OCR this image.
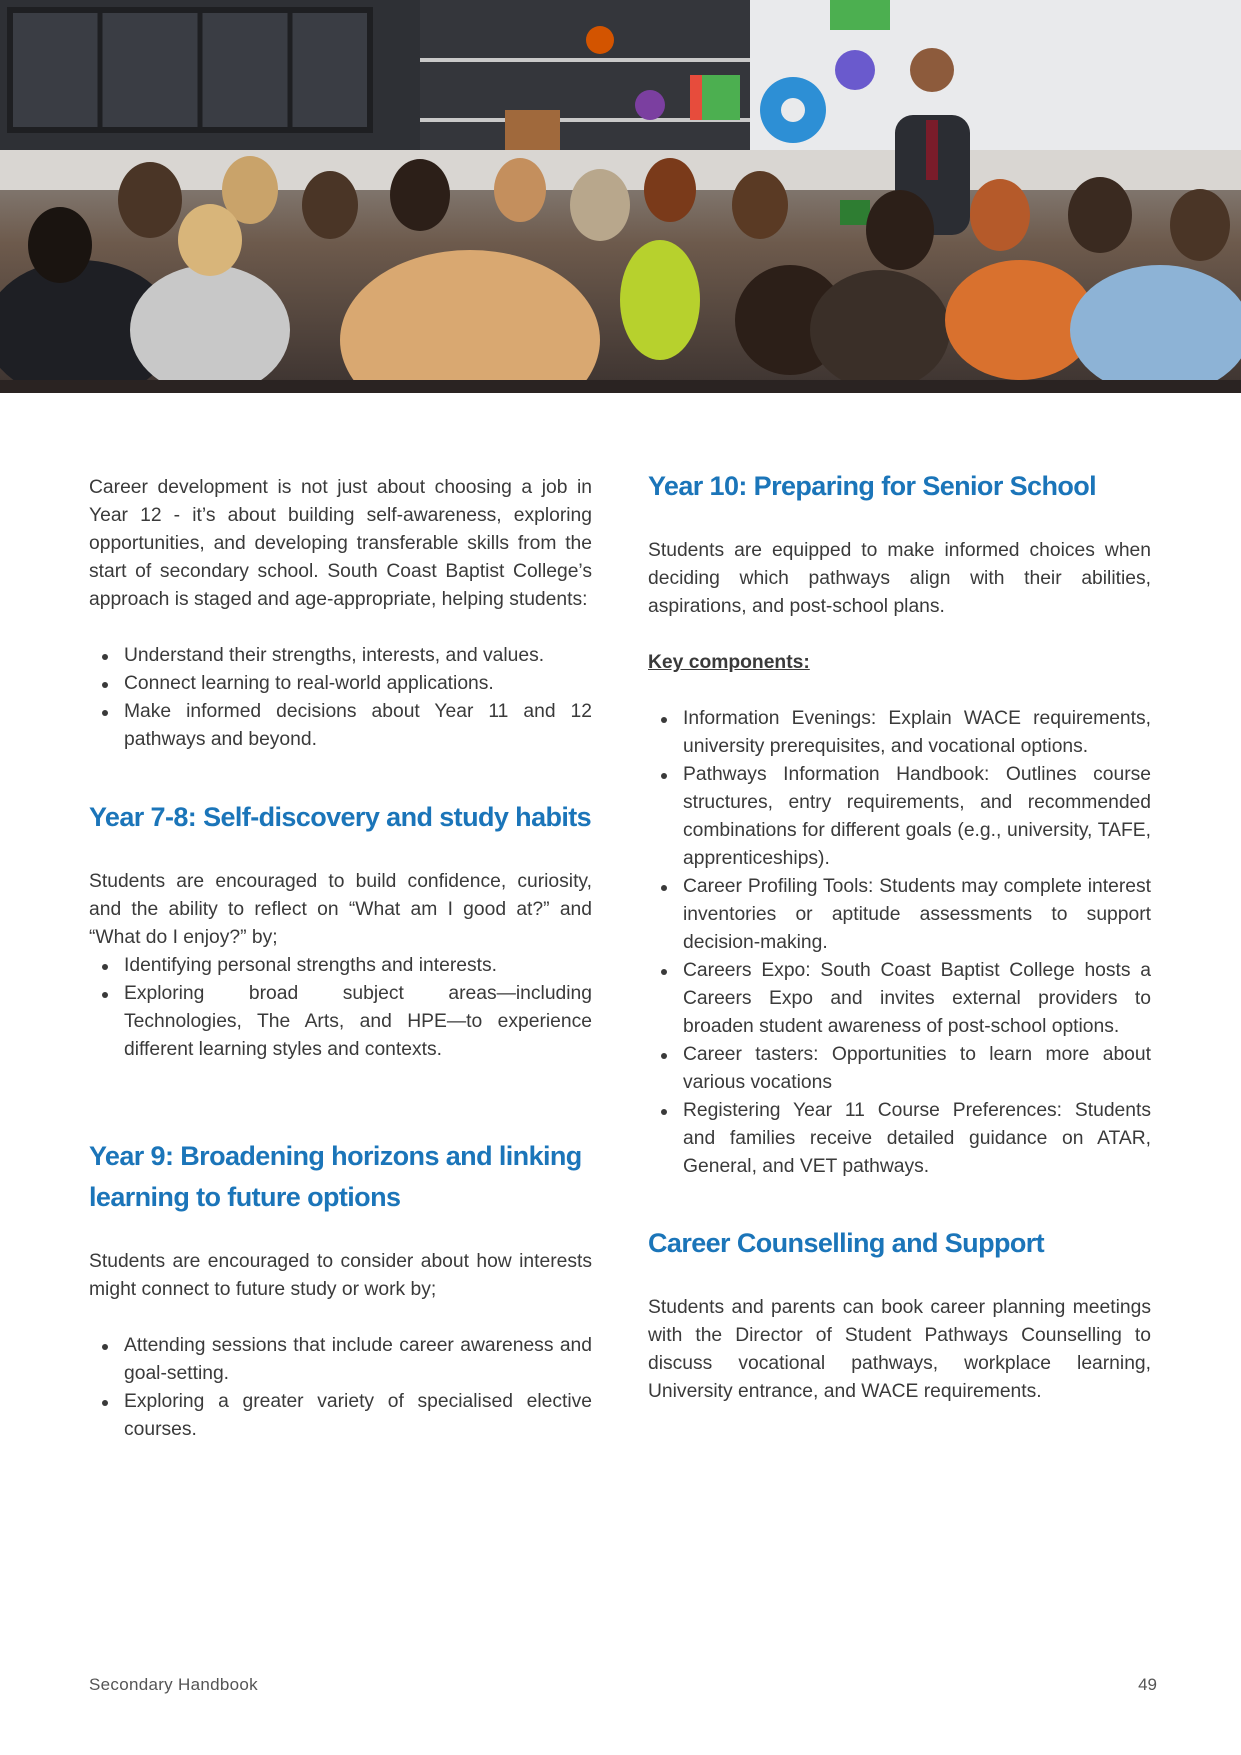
Career development is not just about choosing a job in Year 12 - it’s about building self-awareness, exploring opportunities, and developing transferable skills from the start of secondary school. South Coast Baptist College’s approach is staged and age-appropriate, helping students:

Understand their strengths, interests, and values.
Connect learning to real-world applications.
Make informed decisions about Year 11 and 12 pathways and beyond.
Year 7-8: Self-discovery and study habits

Students are encouraged to build confidence, curiosity, and the ability to reflect on “What am I good at?” and “What do I enjoy?” by;

Identifying personal strengths and interests.
Exploring broad subject areas—including Technologies, The Arts, and HPE—to experience different learning styles and contexts.
Year 9: Broadening horizons and linking learning to future options

Students are encouraged to consider about how interests might connect to future study or work by;

Attending sessions that include career awareness and goal-setting.
Exploring a greater variety of specialised elective courses.
Year 10: Preparing for Senior School

Students are equipped to make informed choices when deciding which pathways align with their abilities, aspirations, and post-school plans.

Key components:

Information Evenings: Explain WACE requirements, university prerequisites, and vocational options.
Pathways Information Handbook: Outlines course structures, entry requirements, and recommended combinations for different goals (e.g., university, TAFE, apprenticeships).
Career Profiling Tools: Students may complete interest inventories or aptitude assessments to support decision-making.
Careers Expo: South Coast Baptist College hosts a Careers Expo and invites external providers to broaden student awareness of post-school options.
Career tasters: Opportunities to learn more about various vocations
Registering Year 11 Course Preferences: Students and families receive detailed guidance on ATAR, General, and VET pathways.
Career Counselling and Support

Students and parents can book career planning meetings with the Director of Student Pathways Counselling to discuss vocational pathways, workplace learning, University entrance, and WACE requirements.

Secondary Handbook	49
